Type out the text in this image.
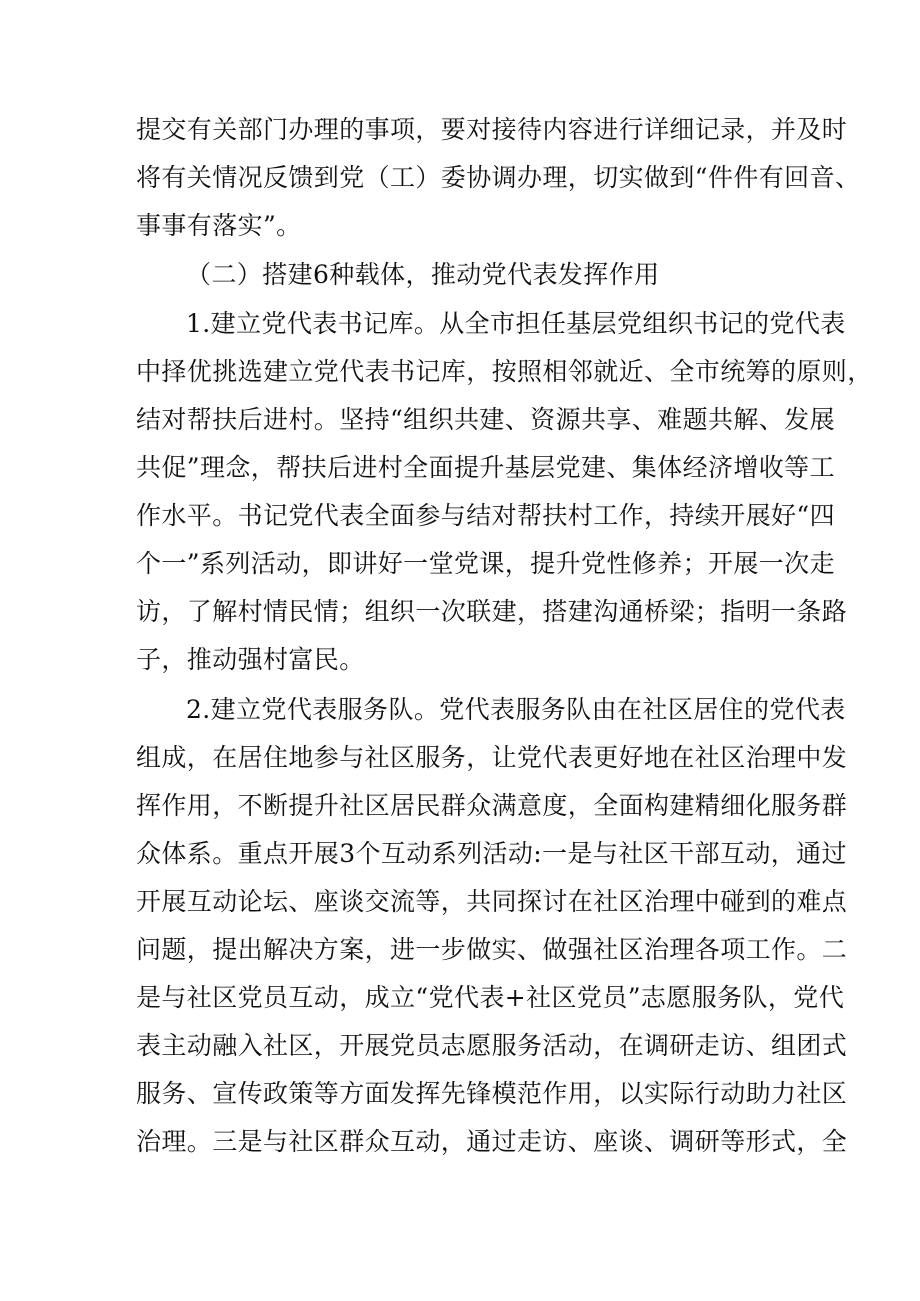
提交有关部门办理的事项，要对接待内容进行详细记录，并及时
将有关情况反馈到党（工）委协调办理，切实做到“件件有回音、
事事有落实”。
（二）搭建6种载体，推动党代表发挥作用
1.建立党代表书记库。从全市担任基层党组织书记的党代表
中择优挑选建立党代表书记库，按照相邻就近、全市统筹的原则，
结对帮扶后进村。坚持“组织共建、资源共享、难题共解、发展
共促”理念，帮扶后进村全面提升基层党建、集体经济增收等工
作水平。书记党代表全面参与结对帮扶村工作，持续开展好“四
个一”系列活动，即讲好一堂党课，提升党性修养；开展一次走
访，了解村情民情；组织一次联建，搭建沟通桥梁；指明一条路
子，推动强村富民。
2.建立党代表服务队。党代表服务队由在社区居住的党代表
组成，在居住地参与社区服务，让党代表更好地在社区治理中发
挥作用，不断提升社区居民群众满意度，全面构建精细化服务群
众体系。重点开展3个互动系列活动:一是与社区干部互动，通过
开展互动论坛、座谈交流等，共同探讨在社区治理中碰到的难点
问题，提出解决方案，进一步做实、做强社区治理各项工作。二
是与社区党员互动，成立“党代表+社区党员”志愿服务队，党代
表主动融入社区，开展党员志愿服务活动，在调研走访、组团式
服务、宣传政策等方面发挥先锋模范作用，以实际行动助力社区
治理。三是与社区群众互动，通过走访、座谈、调研等形式，全
